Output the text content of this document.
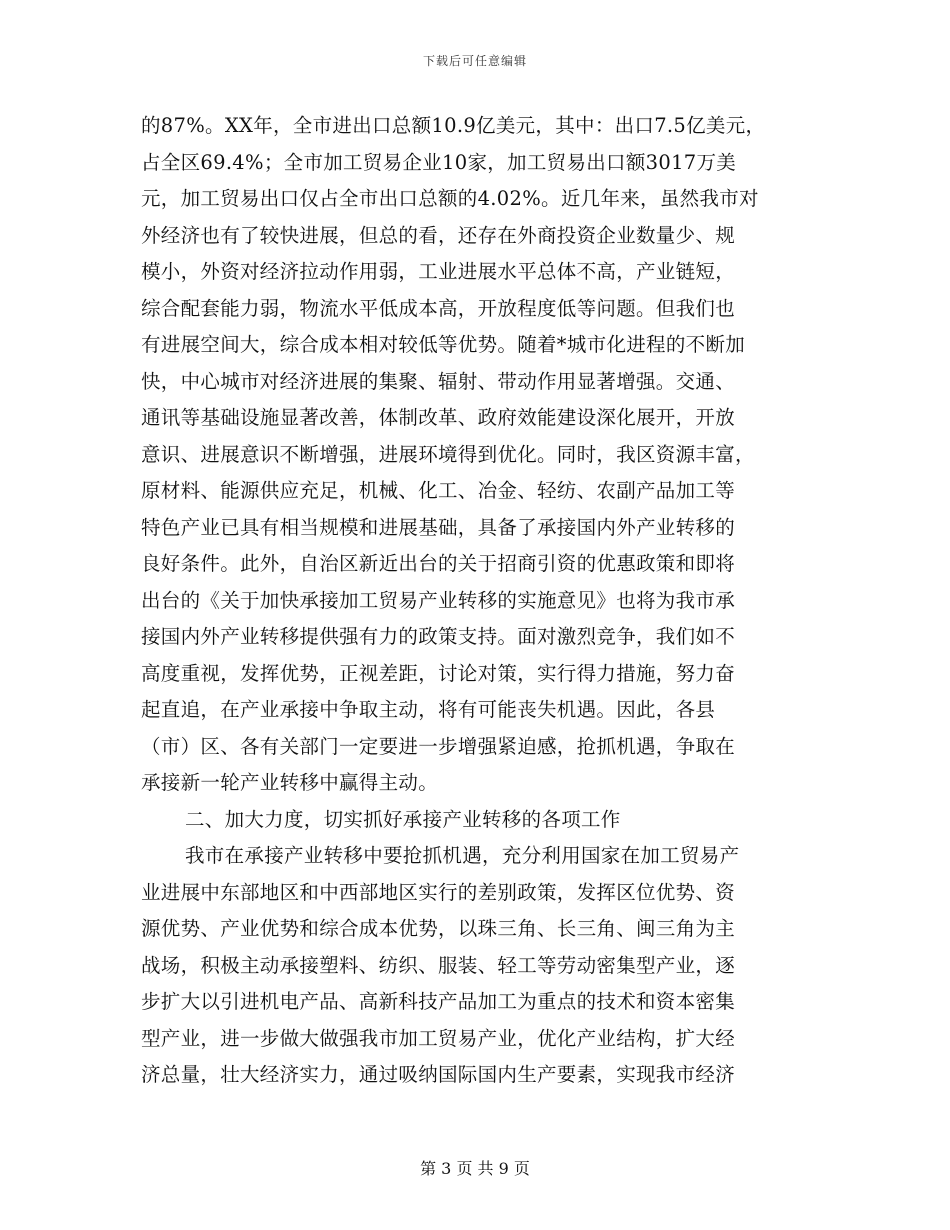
下载后可任意编辑
的87%。XX年，全市进出口总额10.9亿美元，其中：出口7.5亿美元，
占全区69.4%；全市加工贸易企业10家，加工贸易出口额3017万美
元，加工贸易出口仅占全市出口总额的4.02%。近几年来，虽然我市对
外经济也有了较快进展，但总的看，还存在外商投资企业数量少、规
模小，外资对经济拉动作用弱，工业进展水平总体不高，产业链短，
综合配套能力弱，物流水平低成本高，开放程度低等问题。但我们也
有进展空间大，综合成本相对较低等优势。随着*城市化进程的不断加
快，中心城市对经济进展的集聚、辐射、带动作用显著增强。交通、
通讯等基础设施显著改善，体制改革、政府效能建设深化展开，开放
意识、进展意识不断增强，进展环境得到优化。同时，我区资源丰富，
原材料、能源供应充足，机械、化工、冶金、轻纺、农副产品加工等
特色产业已具有相当规模和进展基础，具备了承接国内外产业转移的
良好条件。此外，自治区新近出台的关于招商引资的优惠政策和即将
出台的《关于加快承接加工贸易产业转移的实施意见》也将为我市承
接国内外产业转移提供强有力的政策支持。面对激烈竞争，我们如不
高度重视，发挥优势，正视差距，讨论对策，实行得力措施，努力奋
起直追，在产业承接中争取主动，将有可能丧失机遇。因此，各县
（市）区、各有关部门一定要进一步增强紧迫感，抢抓机遇，争取在
承接新一轮产业转移中赢得主动。
二、加大力度，切实抓好承接产业转移的各项工作
我市在承接产业转移中要抢抓机遇，充分利用国家在加工贸易产
业进展中东部地区和中西部地区实行的差别政策，发挥区位优势、资
源优势、产业优势和综合成本优势，以珠三角、长三角、闽三角为主
战场，积极主动承接塑料、纺织、服装、轻工等劳动密集型产业，逐
步扩大以引进机电产品、高新科技产品加工为重点的技术和资本密集
型产业，进一步做大做强我市加工贸易产业，优化产业结构，扩大经
济总量，壮大经济实力，通过吸纳国际国内生产要素，实现我市经济
第 3 页 共 9 页
